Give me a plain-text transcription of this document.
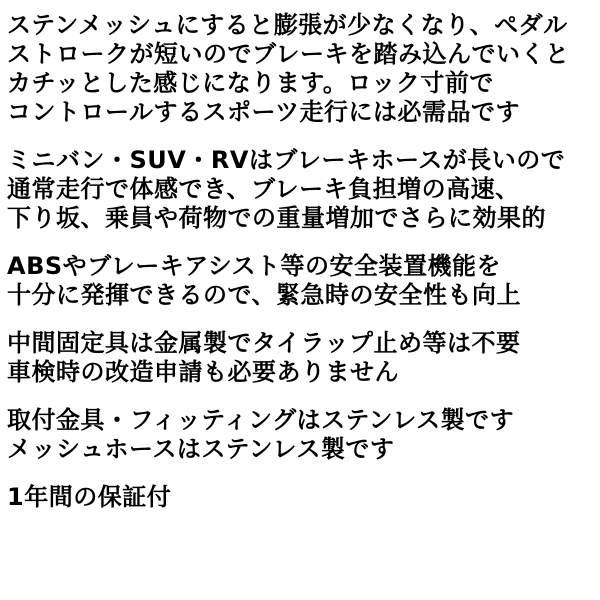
ステンメッシュにすると膨張が少なくなり、ペダル
ストロークが短いのでブレーキを踏み込んでいくと
カチッとした感じになります。ロック寸前で
コントロールするスポーツ走行には必需品です

ミニバン・SUV・RVはブレーキホースが長いので
通常走行で体感でき、ブレーキ負担増の高速、
下り坂、乗員や荷物での重量増加でさらに効果的

ABSやブレーキアシスト等の安全装置機能を
十分に発揮できるので、緊急時の安全性も向上

中間固定具は金属製でタイラップ止め等は不要
車検時の改造申請も必要ありません

取付金具・フィッティングはステンレス製です
メッシュホースはステンレス製です

1年間の保証付
